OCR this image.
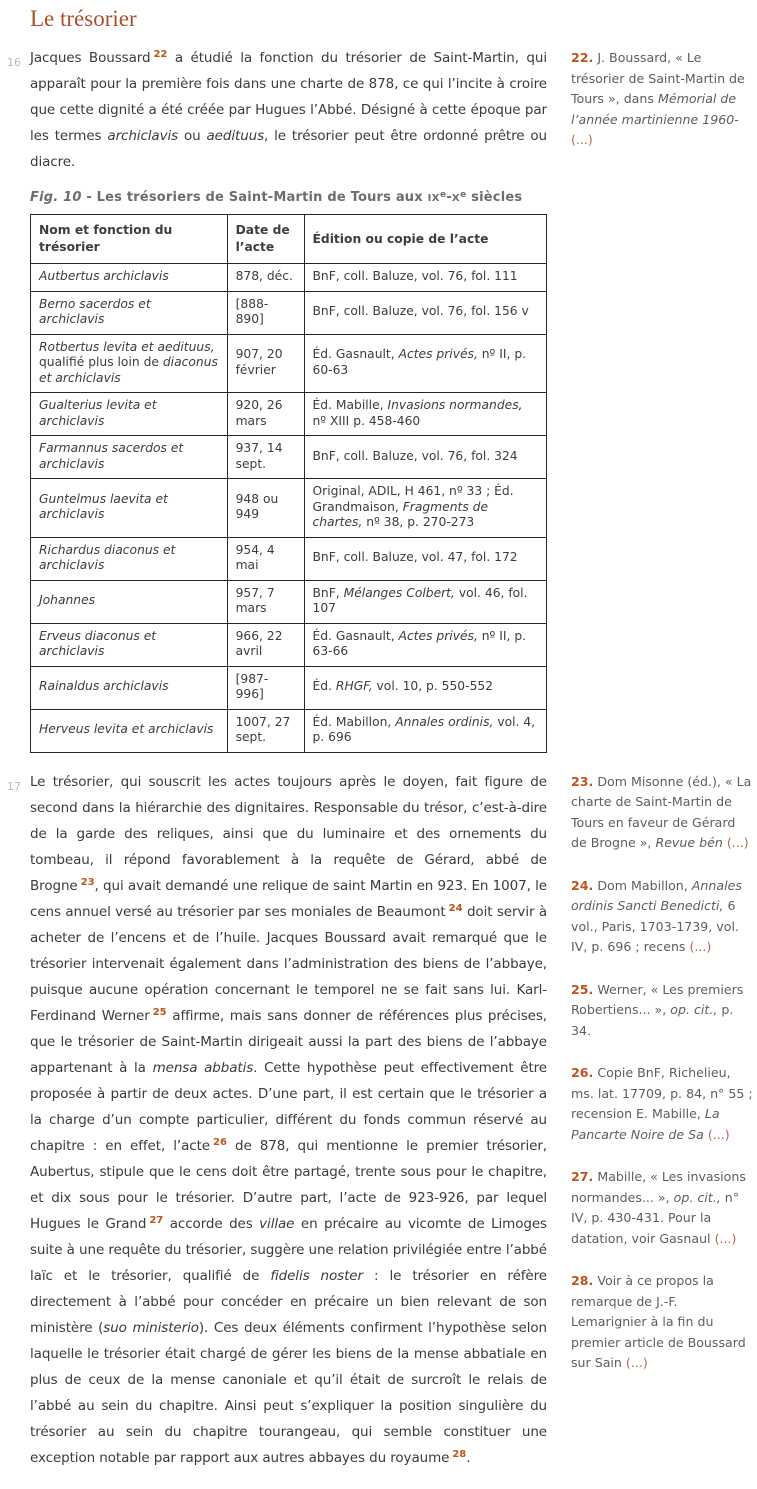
Le trésorier
16 Jacques Boussard $^{22}$ a étudié la fonction du trésorier de Saint-Martin, qui apparaît pour la première fois dans une charte de 878, ce qui l’incite à croire que cette dignité a été créée par Hugues l’Abbé. Désigné à cette époque par les termes archiclavis ou aedituus, le trésorier peut être ordonné prêtre ou diacre.
Fig. 10 - Les trésoriers de Saint-Martin de Tours aux IXe-Xe siècles
Nom et fonction du trésorier	Date de l’acte	Édition ou copie de l’acte
Autbertus archiclavis	878, déc.	BnF, coll. Baluze, vol. 76, fol. 111
Berno sacerdos et archiclavis	[888-890]	BnF, coll. Baluze, vol. 76, fol. 156 v
Rotbertus levita et aedituus, qualifié plus loin de diaconus et archiclavis	907, 20 février	Éd. Gasnault, Actes privés, nº II, p. 60-63
Gualterius levita et archiclavis	920, 26 mars	Éd. Mabille, Invasions normandes, nº XIII p. 458-460
Farmannus sacerdos et archiclavis	937, 14 sept.	BnF, coll. Baluze, vol. 76, fol. 324
Guntelmus laevita et archiclavis	948 ou 949	Original, ADIL, H 461, nº 33 ; Éd. Grandmaison, Fragments de chartes, nº 38, p. 270-273
Richardus diaconus et archiclavis	954, 4 mai	BnF, coll. Baluze, vol. 47, fol. 172
Johannes	957, 7 mars	BnF, Mélanges Colbert, vol. 46, fol. 107
Erveus diaconus et archiclavis	966, 22 avril	Éd. Gasnault, Actes privés, nº II, p. 63-66
Rainaldus archiclavis	[987-996]	Éd. RHGF, vol. 10, p. 550-552
Herveus levita et archiclavis	1007, 27 sept.	Éd. Mabillon, Annales ordinis, vol. 4, p. 696
22. J. Boussard, « Le trésorier de Saint-Martin de Tours », dans Mémorial de l’année martinienne 1960- (...)
17 Le trésorier, qui souscrit les actes toujours après le doyen, fait figure de second dans la hiérarchie des dignitaires. Responsable du trésor, c’est-à-dire de la garde des reliques, ainsi que du luminaire et des ornements du tombeau, il répond favorablement à la requête de Gérard, abbé de Brogne $^{23}$, qui avait demandé une relique de saint Martin en 923. En 1007, le cens annuel versé au trésorier par ses moniales de Beaumont $^{24}$ doit servir à acheter de l’encens et de l’huile. Jacques Boussard avait remarqué que le trésorier intervenait également dans l’administration des biens de l’abbaye, puisque aucune opération concernant le temporel ne se fait sans lui. Karl-Ferdinand Werner $^{25}$ affirme, mais sans donner de références plus précises, que le trésorier de Saint-Martin dirigeait aussi la part des biens de l’abbaye appartenant à la mensa abbatis. Cette hypothèse peut effectivement être proposée à partir de deux actes. D’une part, il est certain que le trésorier a la charge d’un compte particulier, différent du fonds commun réservé au chapitre : en effet, l’acte $^{26}$ de 878, qui mentionne le premier trésorier, Aubertus, stipule que le cens doit être partagé, trente sous pour le chapitre, et dix sous pour le trésorier. D’autre part, l’acte de 923-926, par lequel Hugues le Grand $^{27}$ accorde des villae en précaire au vicomte de Limoges suite à une requête du trésorier, suggère une relation privilégiée entre l’abbé laïc et le trésorier, qualifié de fidelis noster : le trésorier en réfère directement à l’abbé pour concéder en précaire un bien relevant de son ministère (suo ministerio). Ces deux éléments confirment l’hypothèse selon laquelle le trésorier était chargé de gérer les biens de la mense abbatiale en plus de ceux de la mense canoniale et qu’il était de surcroît le relais de l’abbé au sein du chapitre. Ainsi peut s’expliquer la position singulière du trésorier au sein du chapitre tourangeau, qui semble constituer une exception notable par rapport aux autres abbayes du royaume $^{28}$.
23. Dom Misonne (éd.), « La charte de Saint-Martin de Tours en faveur de Gérard de Brogne », Revue bén (...)
24. Dom Mabillon, Annales ordinis Sancti Benedicti, 6 vol., Paris, 1703-1739, vol. IV, p. 696 ; recens (...)
25. Werner, « Les premiers Robertiens... », op. cit., p. 34.
26. Copie BnF, Richelieu, ms. lat. 17709, p. 84, n° 55 ; recension E. Mabille, La Pancarte Noire de Sa (...)
27. Mabille, « Les invasions normandes... », op. cit., n° IV, p. 430-431. Pour la datation, voir Gasnaul (...)
28. Voir à ce propos la remarque de J.-F. Lemarignier à la fin du premier article de Boussard sur Sain (...)
